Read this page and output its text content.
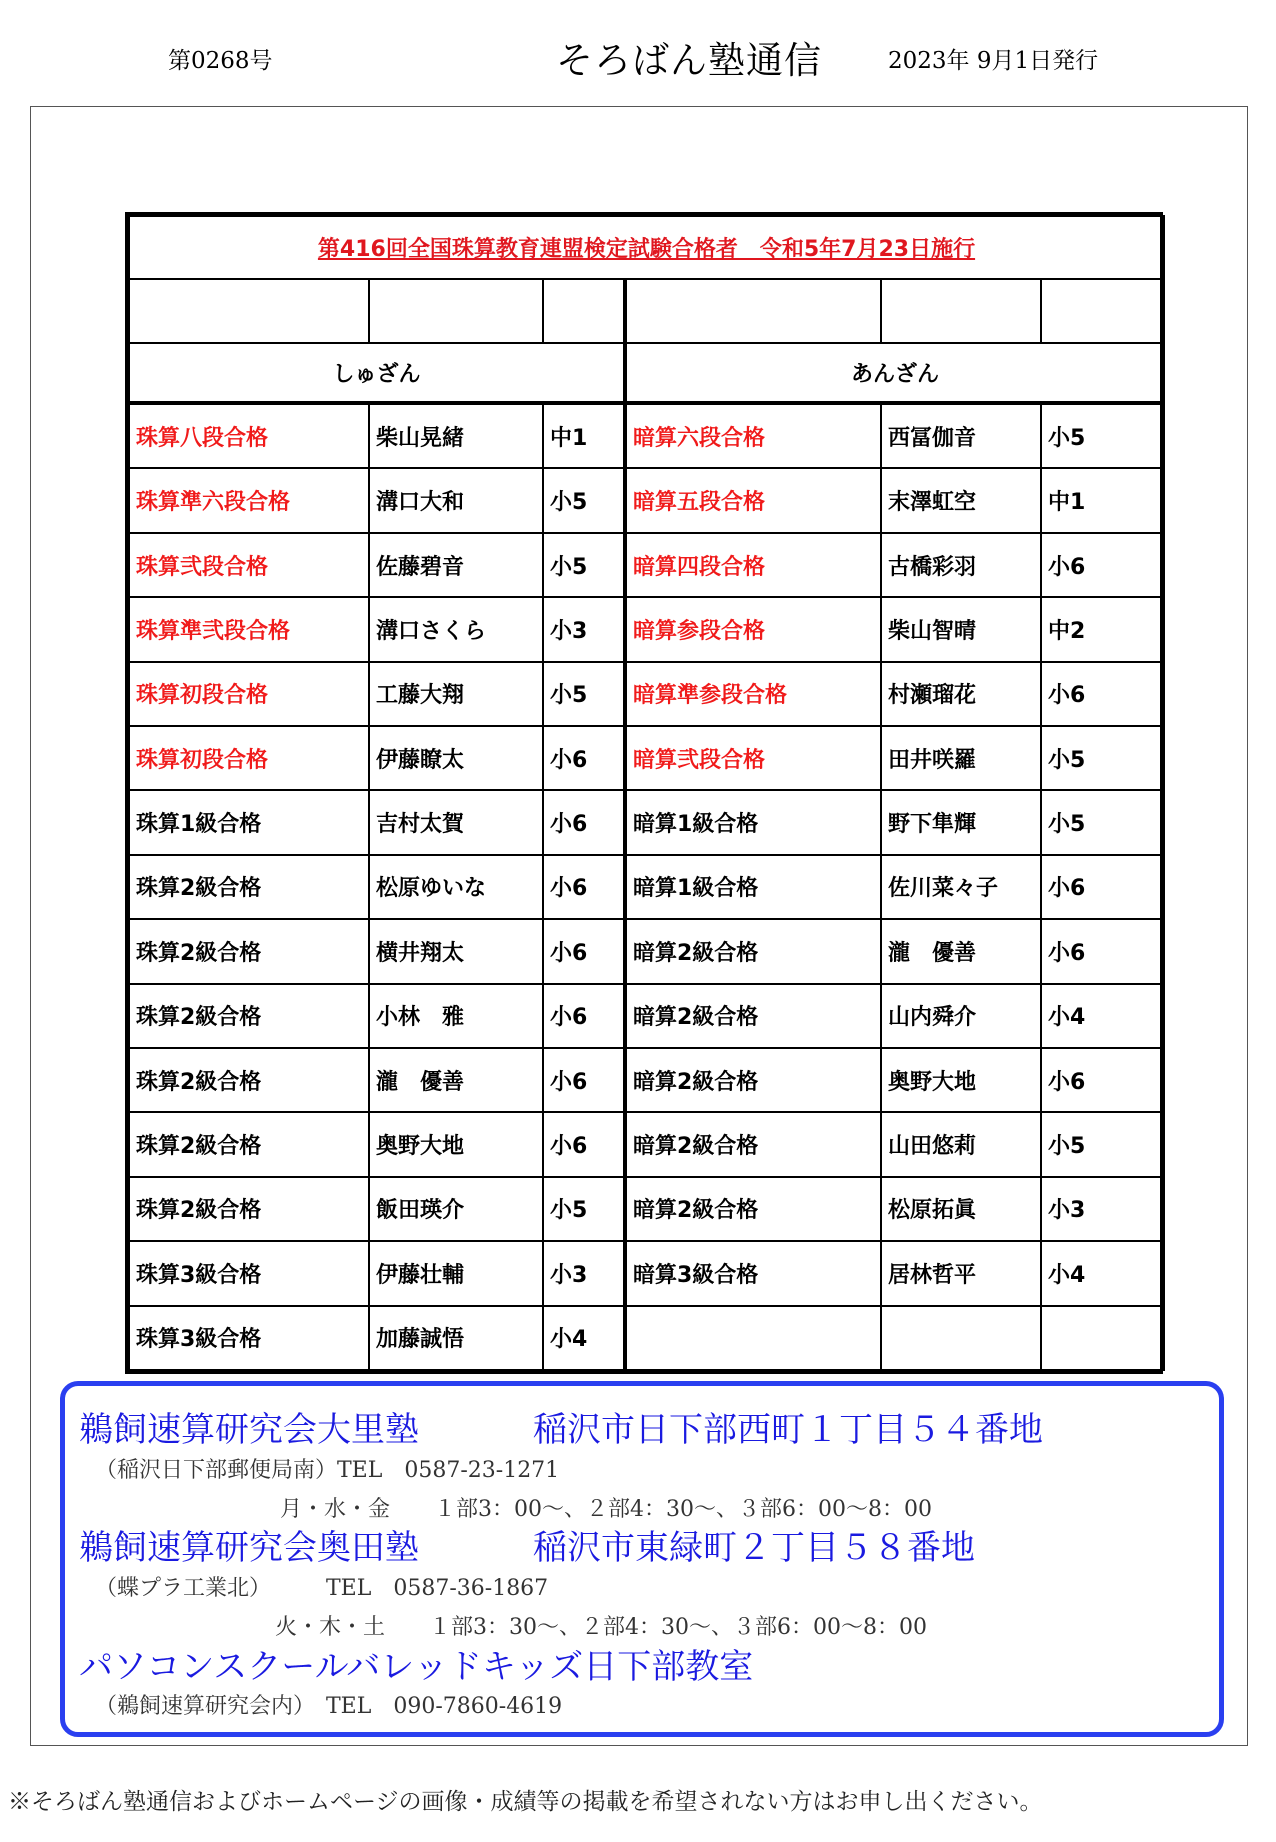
第0268号	そろばん塾通信	2023年 9月1日発行
第416回全国珠算教育連盟検定試験合格者　令和5年7月23日施行					

しゅざん			あんざん		
珠算八段合格	柴山晃緒	中1	暗算六段合格	西冨伽音	小5
珠算準六段合格	溝口大和	小5	暗算五段合格	末澤虹空	中1
珠算弐段合格	佐藤碧音	小5	暗算四段合格	古橋彩羽	小6
珠算準弐段合格	溝口さくら	小3	暗算参段合格	柴山智晴	中2
珠算初段合格	工藤大翔	小5	暗算準参段合格	村瀬瑠花	小6
珠算初段合格	伊藤瞭太	小6	暗算弐段合格	田井咲羅	小5
珠算1級合格	吉村太賀	小6	暗算1級合格	野下隼輝	小5
珠算2級合格	松原ゆいな	小6	暗算1級合格	佐川菜々子	小6
珠算2級合格	横井翔太	小6	暗算2級合格	瀧　優善	小6
珠算2級合格	小林　雅	小6	暗算2級合格	山内舜介	小4
珠算2級合格	瀧　優善	小6	暗算2級合格	奥野大地	小6
珠算2級合格	奥野大地	小6	暗算2級合格	山田悠莉	小5
珠算2級合格	飯田瑛介	小5	暗算2級合格	松原拓眞	小3
珠算3級合格	伊藤壮輔	小3	暗算3級合格	居林哲平	小4
珠算3級合格	加藤誠悟	小4			
鵜飼速算研究会大里塾	稲沢市日下部西町１丁目５４番地
（稲沢日下部郵便局南）TEL　0587-23-1271
月・水・金　　１部3：00〜、２部4：30〜、３部6：00〜8：00
鵜飼速算研究会奥田塾	稲沢市東緑町２丁目５８番地
（蝶プラ工業北）　　　TEL　0587-36-1867
火・木・土　　１部3：30〜、２部4：30〜、３部6：00〜8：00
パソコンスクールバレッドキッズ日下部教室
（鵜飼速算研究会内）　TEL　090-7860-4619
※そろばん塾通信およびホームページの画像・成績等の掲載を希望されない方はお申し出ください。
